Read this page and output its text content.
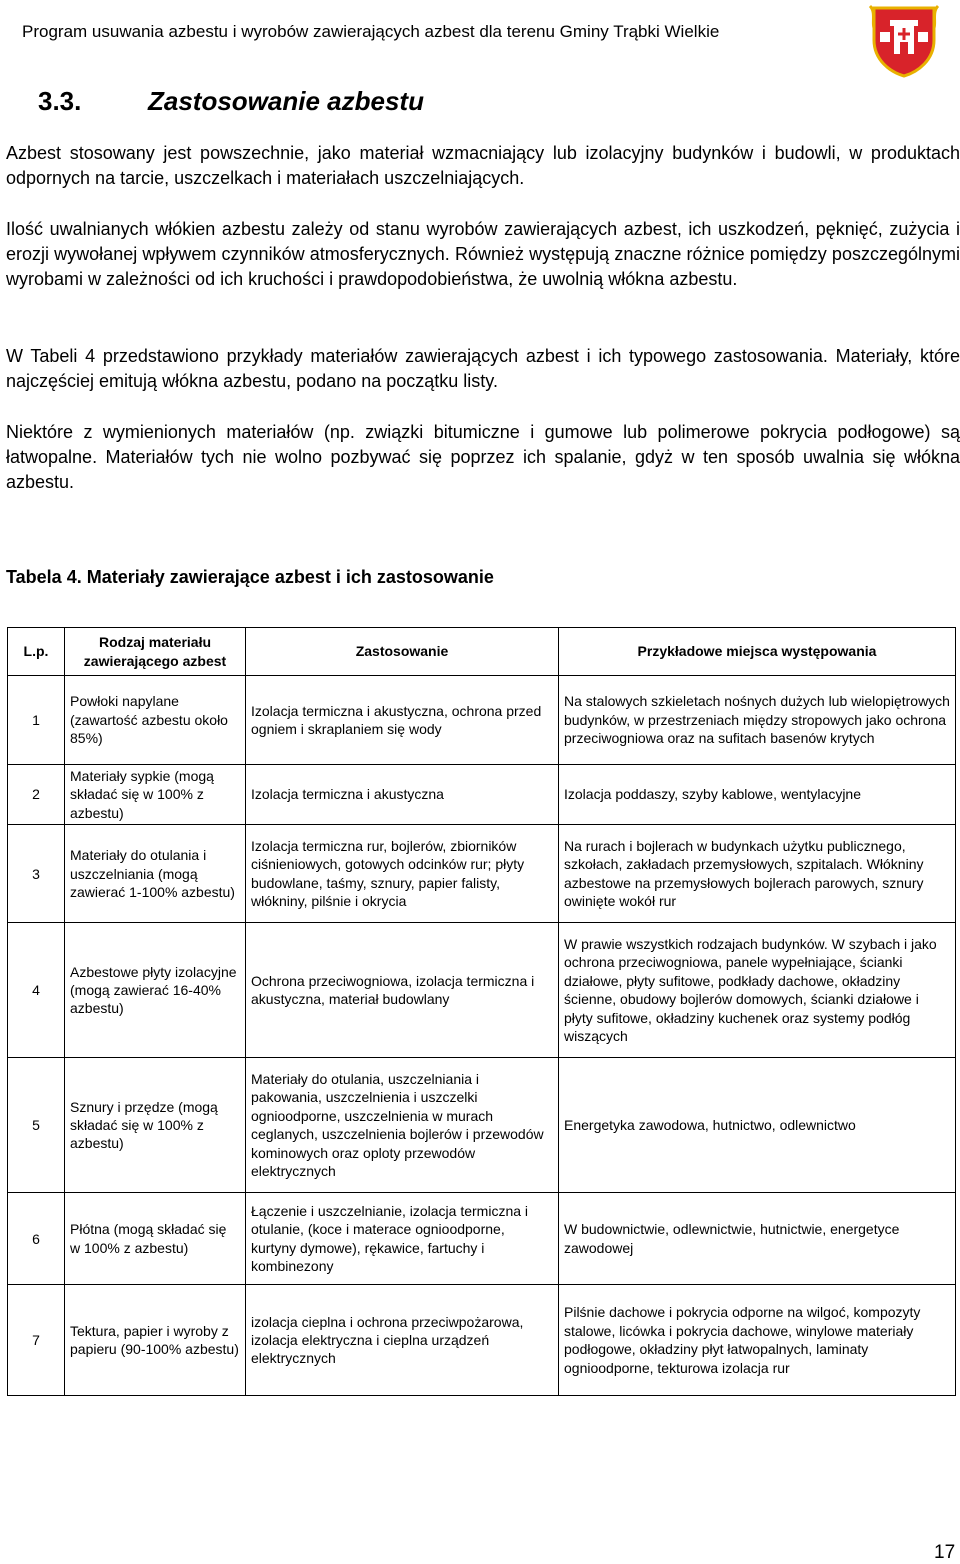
Program usuwania azbestu i wyrobów zawierających azbest dla terenu Gminy Trąbki Wielkie
3.3.	Zastosowanie azbestu

Azbest stosowany jest powszechnie, jako materiał wzmacniający lub izolacyjny budynków i budowli, w produktach odpornych na tarcie, uszczelkach i materiałach uszczelniających.

Ilość uwalnianych włókien azbestu zależy od stanu wyrobów zawierających azbest, ich uszkodzeń, pęknięć, zużycia i erozji wywołanej wpływem czynników atmosferycznych. Również występują znaczne różnice pomiędzy poszczególnymi wyrobami w zależności od ich kruchości i prawdopodobieństwa, że uwolnią włókna azbestu.

W Tabeli 4 przedstawiono przykłady materiałów zawierających azbest i ich typowego zastosowania. Materiały, które najczęściej emitują włókna azbestu, podano na początku listy.

Niektóre z wymienionych materiałów (np. związki bitumiczne i gumowe lub polimerowe pokrycia podłogowe) są łatwopalne. Materiałów tych nie wolno pozbywać się poprzez ich spalanie, gdyż w ten sposób uwalnia się włókna azbestu.

Tabela 4. Materiały zawierające azbest i ich zastosowanie
L.p.	Rodzaj materiału zawierającego azbest	Zastosowanie	Przykładowe miejsca występowania
1	Powłoki napylane (zawartość azbestu około 85%)	Izolacja termiczna i akustyczna, ochrona przed ogniem i skraplaniem się wody	Na stalowych szkieletach nośnych dużych lub wielopiętrowych budynków, w przestrzeniach między stropowych jako ochrona przeciwogniowa oraz na sufitach basenów krytych
2	Materiały sypkie (mogą składać się w 100% z azbestu)	Izolacja termiczna i akustyczna	Izolacja poddaszy, szyby kablowe, wentylacyjne
3	Materiały do otulania i uszczelniania (mogą zawierać 1-100% azbestu)	Izolacja termiczna rur, bojlerów, zbiorników ciśnieniowych, gotowych odcinków rur; płyty budowlane, taśmy, sznury, papier falisty, włókniny, pilśnie i okrycia	Na rurach i bojlerach w budynkach użytku publicznego, szkołach, zakładach przemysłowych, szpitalach. Włókniny azbestowe na przemysłowych bojlerach parowych, sznury owinięte wokół rur
4	Azbestowe płyty izolacyjne (mogą zawierać 16-40% azbestu)	Ochrona przeciwogniowa, izolacja termiczna i akustyczna, materiał budowlany	W prawie wszystkich rodzajach budynków. W szybach i jako ochrona przeciwogniowa, panele wypełniające, ścianki działowe, płyty sufitowe, podkłady dachowe, okładziny ścienne, obudowy bojlerów domowych, ścianki działowe i płyty sufitowe, okładziny kuchenek oraz systemy podłóg wiszących
5	Sznury i przędze (mogą składać się w 100% z azbestu)	Materiały do otulania, uszczelniania i pakowania, uszczelnienia i uszczelki ognioodporne, uszczelnienia w murach ceglanych, uszczelnienia bojlerów i przewodów kominowych oraz oploty przewodów elektrycznych	Energetyka zawodowa, hutnictwo, odlewnictwo
6	Płótna (mogą składać się w 100% z azbestu)	Łączenie i uszczelnianie, izolacja termiczna i otulanie, (koce i materace ognioodporne, kurtyny dymowe), rękawice, fartuchy i kombinezony	W budownictwie, odlewnictwie, hutnictwie, energetyce zawodowej
7	Tektura, papier i wyroby z papieru (90-100% azbestu)	izolacja cieplna i ochrona przeciwpożarowa, izolacja elektryczna i cieplna urządzeń elektrycznych	Pilśnie dachowe i pokrycia odporne na wilgoć, kompozyty stalowe, licówka i pokrycia dachowe, winylowe materiały podłogowe, okładziny płyt łatwopalnych, laminaty ognioodporne, tekturowa izolacja rur
17
